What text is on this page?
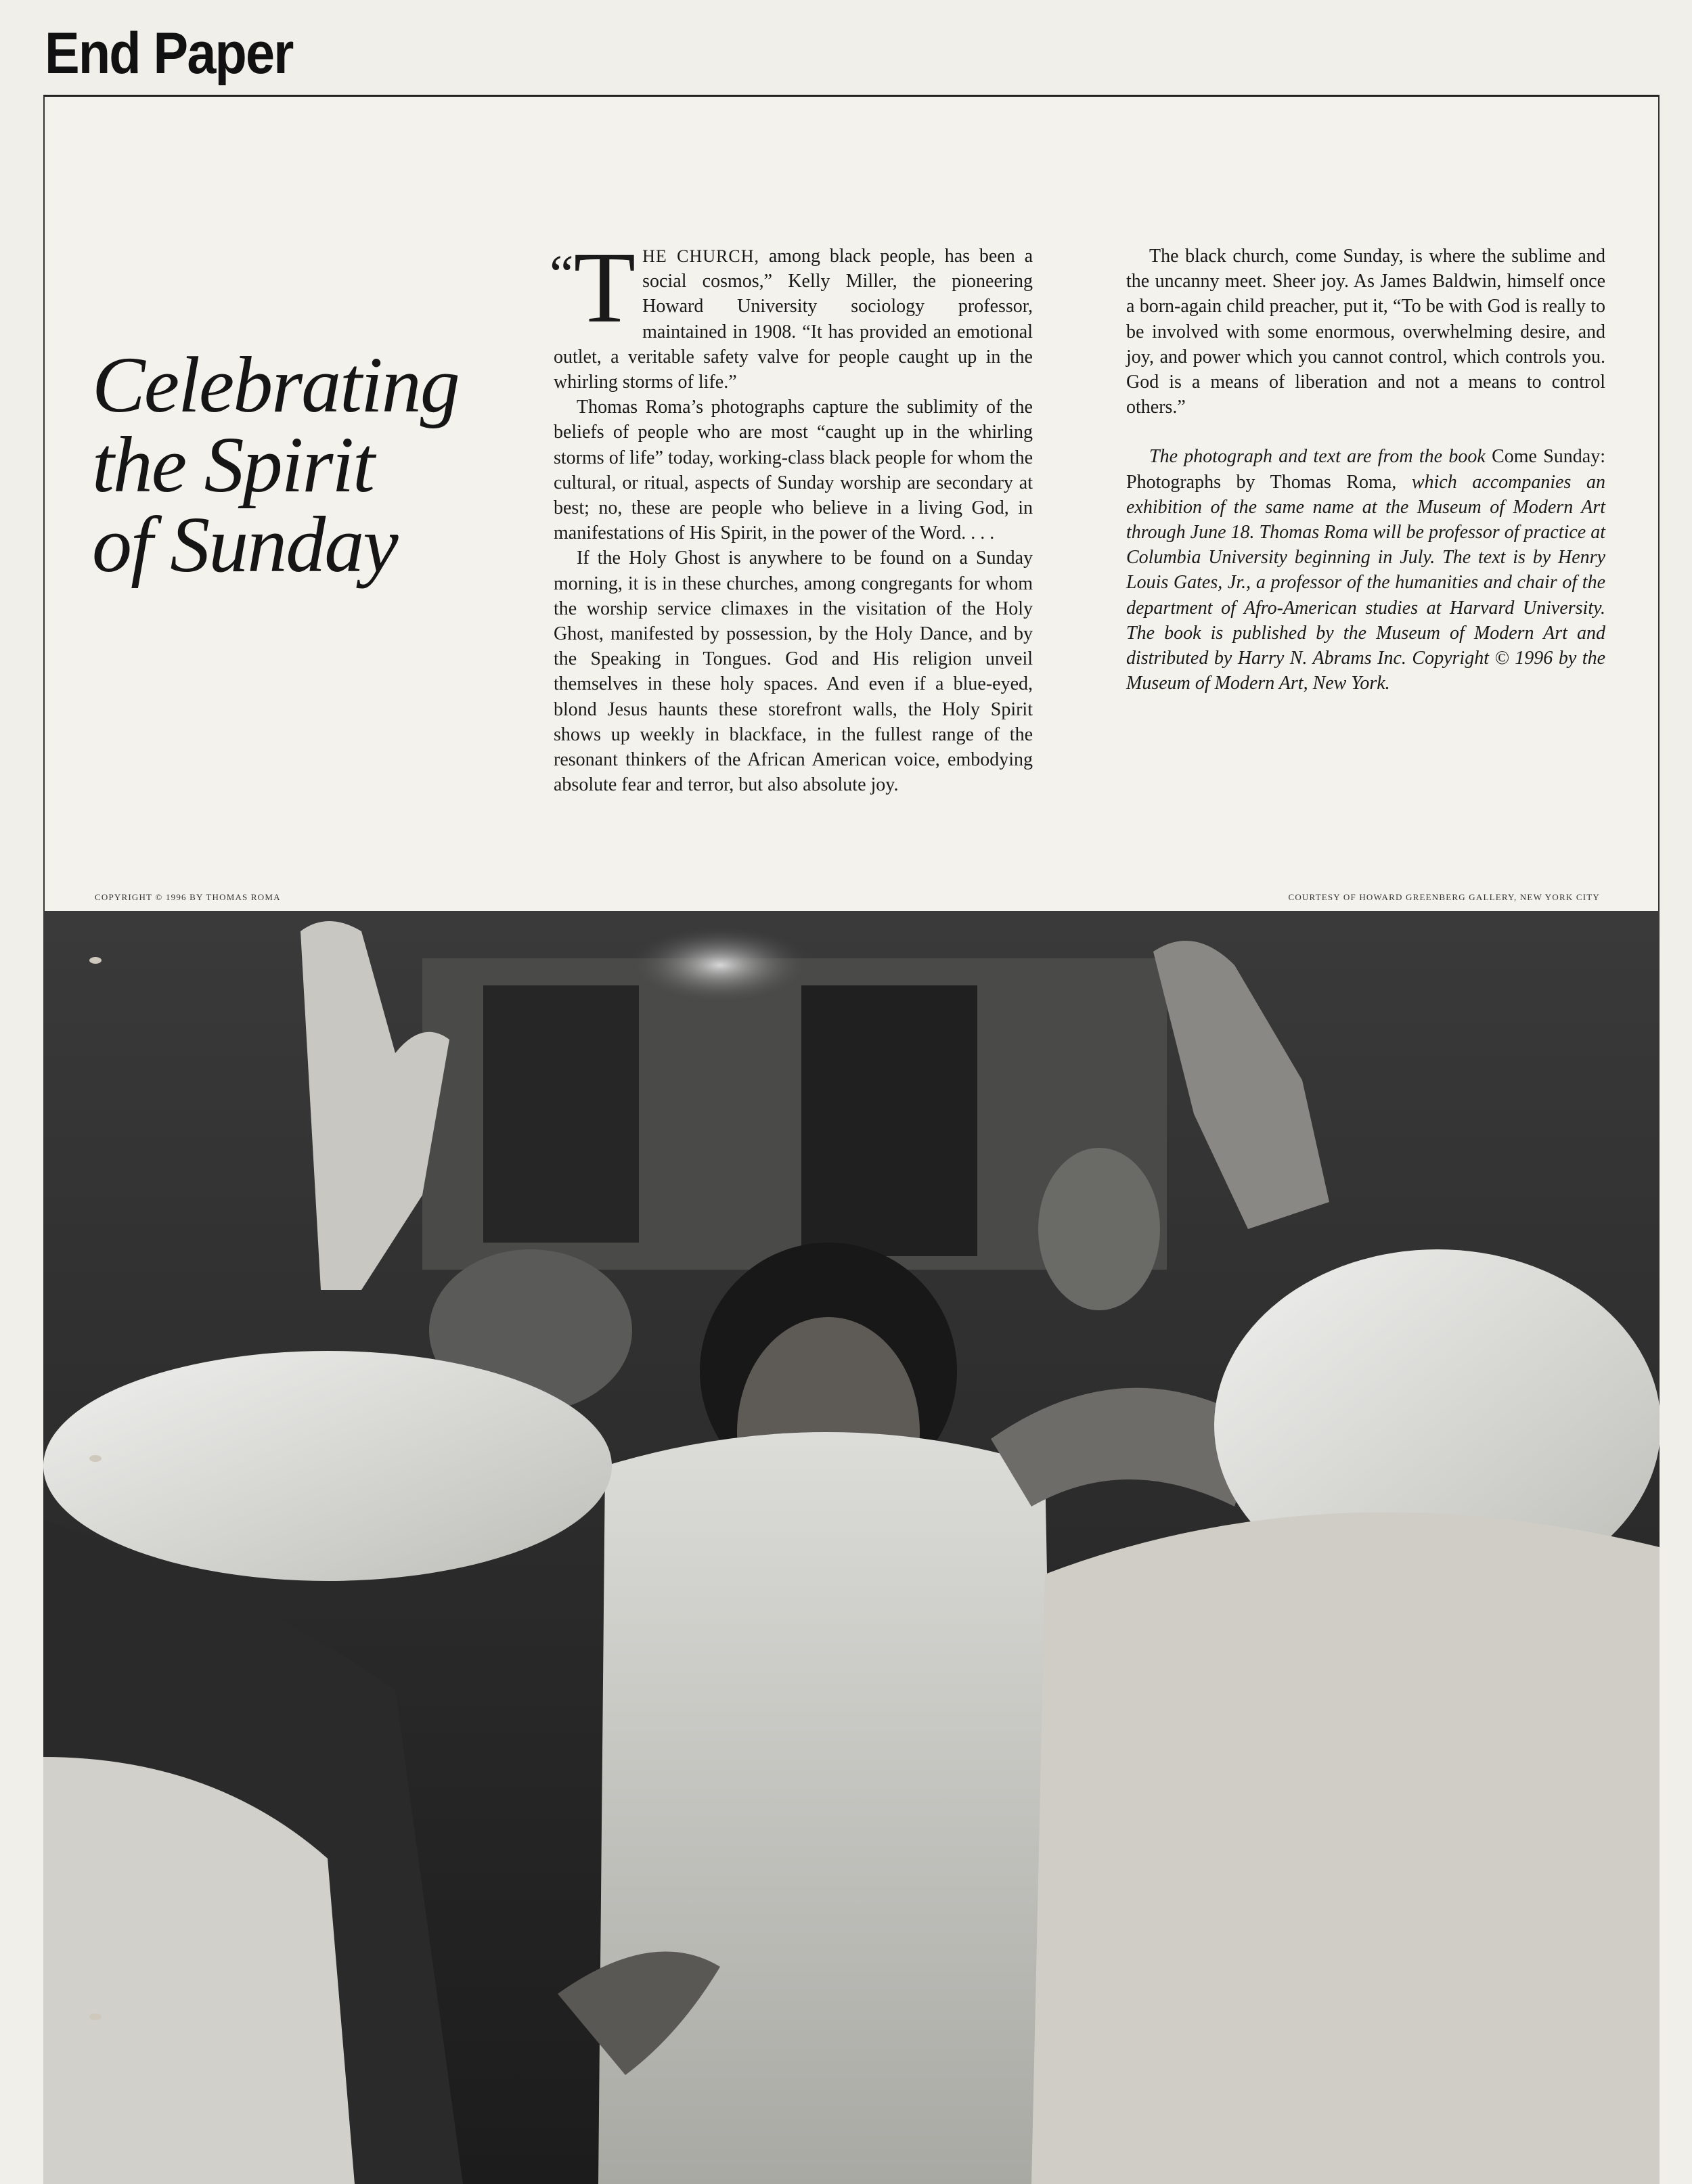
End Paper
Celebrating
the Spirit
of Sunday

“T HE CHURCH, among black people, has been a social cosmos,” Kelly Miller, the pioneering Howard University sociology professor, maintained in 1908. “It has provided an emotional outlet, a veritable safety valve for people caught up in the whirling storms of life.”

Thomas Roma’s photographs capture the sublimity of the beliefs of people who are most “caught up in the whirling storms of life” today, working-class black people for whom the cultural, or ritual, aspects of Sunday worship are secondary at best; no, these are people who believe in a living God, in manifestations of His Spirit, in the power of the Word. . . .

If the Holy Ghost is anywhere to be found on a Sunday morning, it is in these churches, among congregants for whom the worship service climaxes in the visitation of the Holy Ghost, manifested by possession, by the Holy Dance, and by the Speaking in Tongues. God and His religion unveil themselves in these holy spaces. And even if a blue-eyed, blond Jesus haunts these storefront walls, the Holy Spirit shows up weekly in blackface, in the fullest range of the resonant thinkers of the African American voice, embodying absolute fear and terror, but also absolute joy.

The black church, come Sunday, is where the sublime and the uncanny meet. Sheer joy. As James Baldwin, himself once a born-again child preacher, put it, “To be with God is really to be involved with some enormous, overwhelming desire, and joy, and power which you cannot control, which controls you. God is a means of liberation and not a means to control others.”

The photograph and text are from the book Come Sunday: Photographs by Thomas Roma, which accompanies an exhibition of the same name at the Museum of Modern Art through June 18. Thomas Roma will be professor of practice at Columbia University beginning in July. The text is by Henry Louis Gates, Jr., a professor of the humanities and chair of the department of Afro-American studies at Harvard University. The book is published by the Museum of Modern Art and distributed by Harry N. Abrams Inc. Copyright © 1996 by the Museum of Modern Art, New York.

COPYRIGHT © 1996 BY THOMAS ROMA	COURTESY OF HOWARD GREENBERG GALLERY, NEW YORK CITY
